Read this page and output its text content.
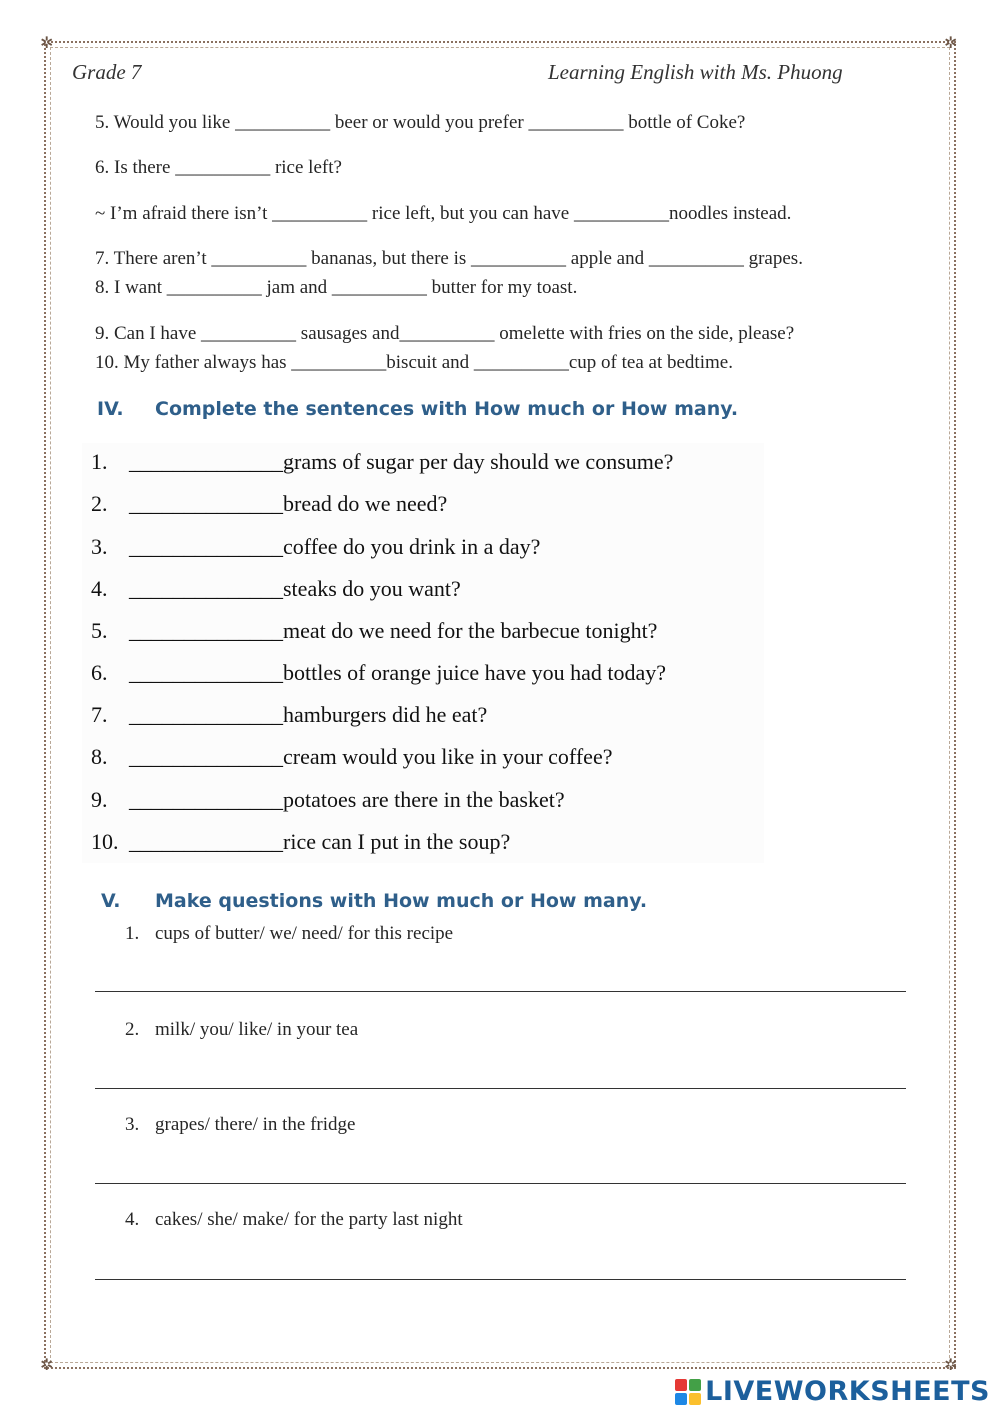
✲	✲
✲	✲
Grade 7	Learning English with Ms. Phuong
5. Would you like __________ beer or would you prefer __________ bottle of Coke?
6. Is there __________ rice left?
~ I’m afraid there isn’t __________ rice left, but you can have __________noodles instead.
7. There aren’t __________ bananas, but there is __________ apple and __________ grapes.
8. I want __________ jam and __________ butter for my toast.
9. Can I have __________ sausages and__________ omelette with fries on the side, please?
10. My father always has __________biscuit and __________cup of tea at bedtime.
IV. Complete the sentences with How much or How many.
1. ______________grams of sugar per day should we consume?
2. ______________bread do we need?
3. ______________coffee do you drink in a day?
4. ______________steaks do you want?
5. ______________meat do we need for the barbecue tonight?
6. ______________bottles of orange juice have you had today?
7. ______________hamburgers did he eat?
8. ______________cream would you like in your coffee?
9. ______________potatoes are there in the basket?
10. ______________rice can I put in the soup?
V. Make questions with How much or How many.
1. cups of butter/ we/ need/ for this recipe
2. milk/ you/ like/ in your tea
3. grapes/ there/ in the fridge
4. cakes/ she/ make/ for the party last night
LIVEWORKSHEETS
